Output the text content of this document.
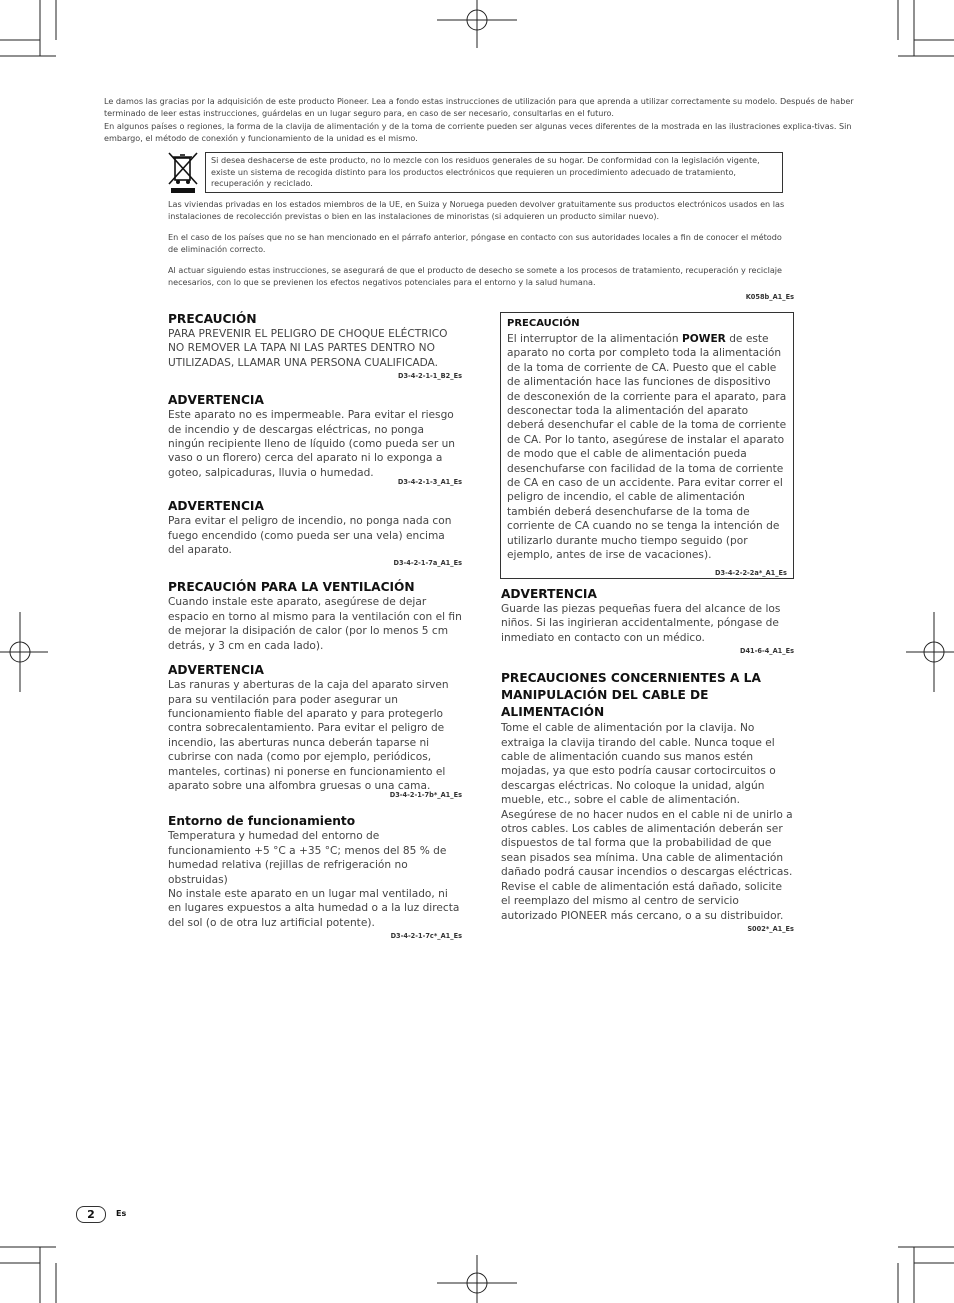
Le damos las gracias por la adquisición de este producto Pioneer. Lea a fondo estas instrucciones de utilización para que aprenda a utilizar correctamente su modelo. Después de haber terminado de leer estas instrucciones, guárdelas en un lugar seguro para, en caso de ser necesario, consultarlas en el futuro.

En algunos países o regiones, la forma de la clavija de alimentación y de la toma de corriente pueden ser algunas veces diferentes de la mostrada en las ilustraciones explica-tivas. Sin embargo, el método de conexión y funcionamiento de la unidad es el mismo.

Si desea deshacerse de este producto, no lo mezcle con los residuos generales de su hogar. De conformidad con la legislación vigente, existe un sistema de recogida distinto para los productos electrónicos que requieren un procedimiento adecuado de tratamiento, recuperación y reciclado.

Las viviendas privadas en los estados miembros de la UE, en Suiza y Noruega pueden devolver gratuitamente sus productos electrónicos usados en las instalaciones de recolección previstas o bien en las instalaciones de minoristas (si adquieren un producto similar nuevo).

En el caso de los países que no se han mencionado en el párrafo anterior, póngase en contacto con sus autoridades locales a fin de conocer el método de eliminación correcto.

Al actuar siguiendo estas instrucciones, se asegurará de que el producto de desecho se somete a los procesos de tratamiento, recuperación y reciclaje necesarios, con lo que se previenen los efectos negativos potenciales para el entorno y la salud humana.

K058b_A1_Es
PRECAUCIÓN

PARA PREVENIR EL PELIGRO DE CHOQUE ELÉCTRICO NO REMOVER LA TAPA NI LAS PARTES DENTRO NO UTILIZADAS, LLAMAR UNA PERSONA CUALIFICADA.

D3-4-2-1-1_B2_Es
ADVERTENCIA

Este aparato no es impermeable. Para evitar el riesgo de incendio y de descargas eléctricas, no ponga ningún recipiente lleno de líquido (como pueda ser un vaso o un florero) cerca del aparato ni lo exponga a goteo, salpicaduras, lluvia o humedad.

D3-4-2-1-3_A1_Es
ADVERTENCIA

Para evitar el peligro de incendio, no ponga nada con fuego encendido (como pueda ser una vela) encima del aparato.

D3-4-2-1-7a_A1_Es
PRECAUCIÓN PARA LA VENTILACIÓN

Cuando instale este aparato, asegúrese de dejar espacio en torno al mismo para la ventilación con el fin de mejorar la disipación de calor (por lo menos 5 cm detrás, y 3 cm en cada lado).

ADVERTENCIA

Las ranuras y aberturas de la caja del aparato sirven para su ventilación para poder asegurar un funcionamiento fiable del aparato y para protegerlo contra sobrecalentamiento. Para evitar el peligro de incendio, las aberturas nunca deberán taparse ni cubrirse con nada (como por ejemplo, periódicos, manteles, cortinas) ni ponerse en funcionamiento el aparato sobre una alfombra gruesas o una cama.

D3-4-2-1-7b*_A1_Es
Entorno de funcionamiento

Temperatura y humedad del entorno de funcionamiento +5 °C a +35 °C; menos del 85 % de humedad relativa (rejillas de refrigeración no obstruidas)

No instale este aparato en un lugar mal ventilado, ni en lugares expuestos a alta humedad o a la luz directa del sol (o de otra luz artificial potente).

D3-4-2-1-7c*_A1_Es
PRECAUCIÓN

El interruptor de la alimentación POWER de este aparato no corta por completo toda la alimentación de la toma de corriente de CA. Puesto que el cable de alimentación hace las funciones de dispositivo de desconexión de la corriente para el aparato, para desconectar toda la alimentación del aparato deberá desenchufar el cable de la toma de corriente de CA. Por lo tanto, asegúrese de instalar el aparato de modo que el cable de alimentación pueda desenchufarse con facilidad de la toma de corriente de CA en caso de un accidente. Para evitar correr el peligro de incendio, el cable de alimentación también deberá desenchufarse de la toma de corriente de CA cuando no se tenga la intención de utilizarlo durante mucho tiempo seguido (por ejemplo, antes de irse de vacaciones).

D3-4-2-2-2a*_A1_Es
ADVERTENCIA

Guarde las piezas pequeñas fuera del alcance de los niños. Si las ingirieran accidentalmente, póngase de inmediato en contacto con un médico.

D41-6-4_A1_Es
PRECAUCIONES CONCERNIENTES A LA MANIPULACIÓN DEL CABLE DE ALIMENTACIÓN

Tome el cable de alimentación por la clavija. No extraiga la clavija tirando del cable. Nunca toque el cable de alimentación cuando sus manos estén mojadas, ya que esto podría causar cortocircuitos o descargas eléctricas. No coloque la unidad, algún mueble, etc., sobre el cable de alimentación. Asegúrese de no hacer nudos en el cable ni de unirlo a otros cables. Los cables de alimentación deberán ser dispuestos de tal forma que la probabilidad de que sean pisados sea mínima. Una cable de alimentación dañado podrá causar incendios o descargas eléctricas. Revise el cable de alimentación está dañado, solicite el reemplazo del mismo al centro de servicio autorizado PIONEER más cercano, o a su distribuidor.

S002*_A1_Es
2	Es
